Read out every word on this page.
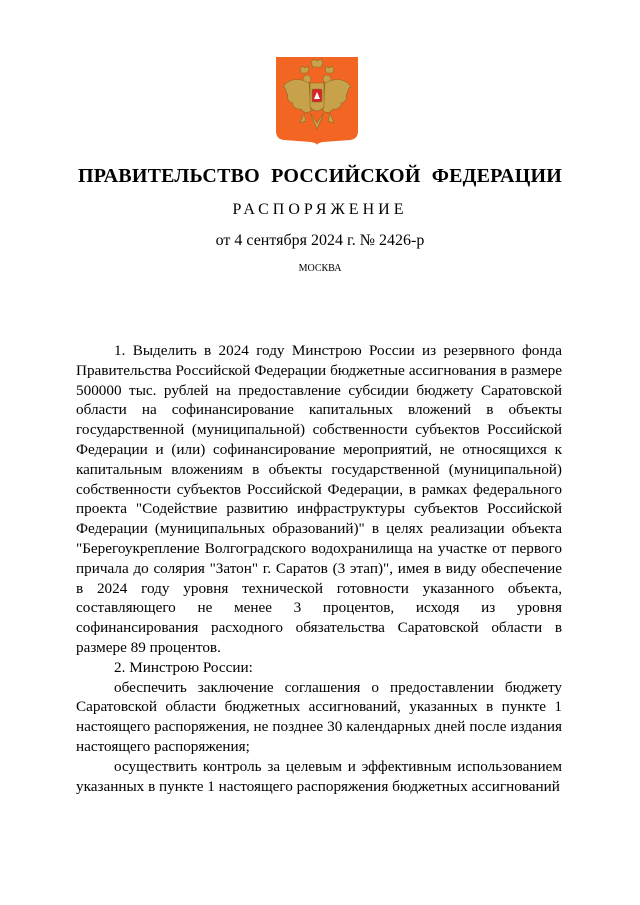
ПРАВИТЕЛЬСТВО РОССИЙСКОЙ ФЕДЕРАЦИИ
РАСПОРЯЖЕНИЕ
от 4 сентября 2024 г. № 2426-р
МОСКВА

1. Выделить в 2024 году Минстрою России из резервного фонда Правительства Российской Федерации бюджетные ассигнования в размере 500000 тыс. рублей на предоставление субсидии бюджету Саратовской области на софинансирование капитальных вложений в объекты государственной (муниципальной) собственности субъектов Российской Федерации и (или) софинансирование мероприятий, не относящихся к капитальным вложениям в объекты государственной (муниципальной) собственности субъектов Российской Федерации, в рамках федерального проекта "Содействие развитию инфраструктуры субъектов Российской Федерации (муниципальных образований)" в целях реализации объекта "Берегоукрепление Волгоградского водохранилища на участке от первого причала до солярия "Затон" г. Саратов (3 этап)", имея в виду обеспечение в 2024 году уровня технической готовности указанного объекта, составляющего не менее 3 процентов, исходя из уровня софинансирования расходного обязательства Саратовской области в размере 89 процентов.

2. Минстрою России:

обеспечить заключение соглашения о предоставлении бюджету Саратовской области бюджетных ассигнований, указанных в пункте 1 настоящего распоряжения, не позднее 30 календарных дней после издания настоящего распоряжения;

осуществить контроль за целевым и эффективным использованием указанных в пункте 1 настоящего распоряжения бюджетных ассигнований
